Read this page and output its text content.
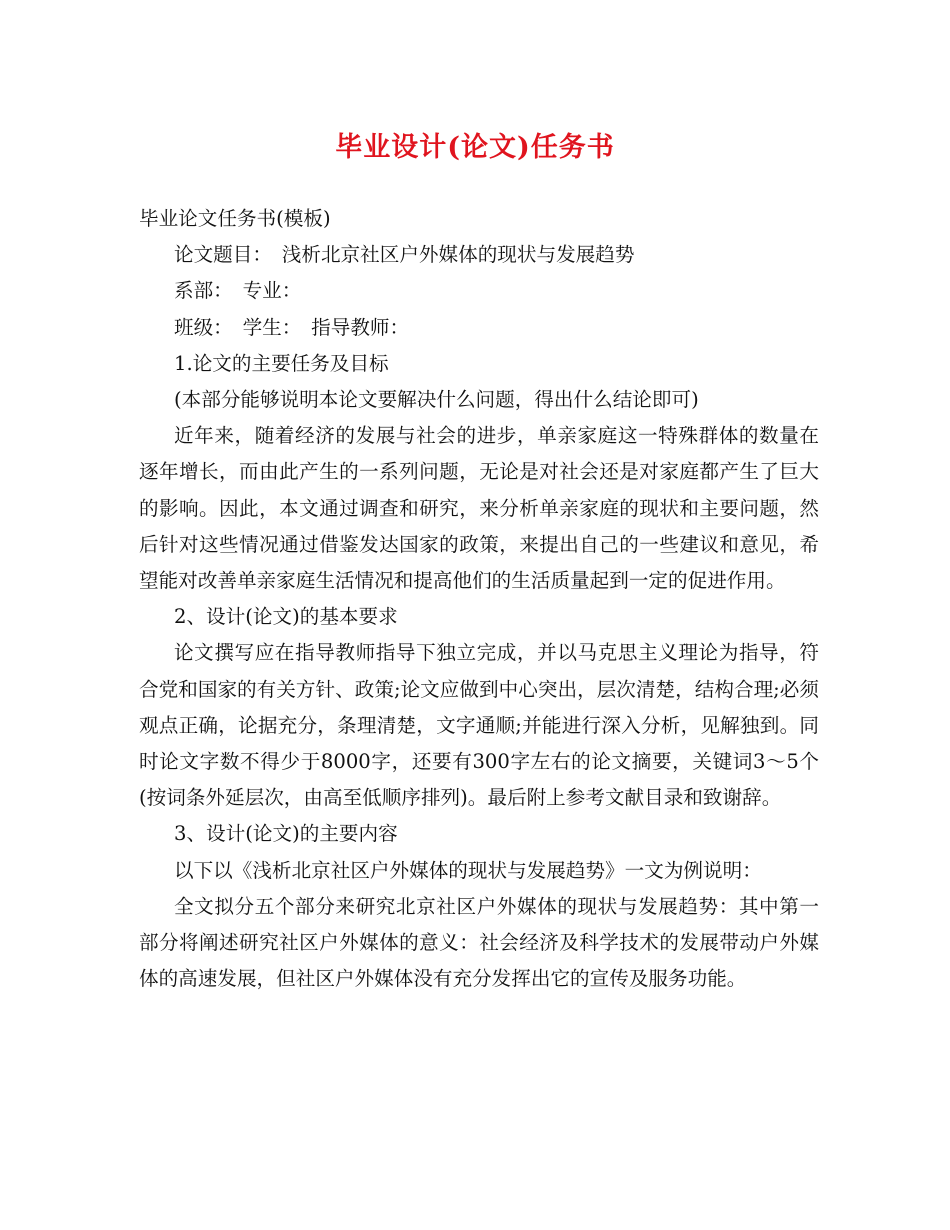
毕业设计(论文)任务书

毕业论文任务书(模板)

论文题目：　浅析北京社区户外媒体的现状与发展趋势

系部：　专业：

班级：　学生：　指导教师：

1.论文的主要任务及目标

(本部分能够说明本论文要解决什么问题，得出什么结论即可)

近年来，随着经济的发展与社会的进步，单亲家庭这一特殊群体的数量在逐年增长，而由此产生的一系列问题，无论是对社会还是对家庭都产生了巨大的影响。因此，本文通过调查和研究，来分析单亲家庭的现状和主要问题，然后针对这些情况通过借鉴发达国家的政策，来提出自己的一些建议和意见，希望能对改善单亲家庭生活情况和提高他们的生活质量起到一定的促进作用。

2、设计(论文)的基本要求

论文撰写应在指导教师指导下独立完成，并以马克思主义理论为指导，符合党和国家的有关方针、政策;论文应做到中心突出，层次清楚，结构合理;必须观点正确，论据充分，条理清楚，文字通顺;并能进行深入分析，见解独到。同时论文字数不得少于8000字，还要有300字左右的论文摘要，关键词3～5个(按词条外延层次，由高至低顺序排列)。最后附上参考文献目录和致谢辞。

3、设计(论文)的主要内容

以下以《浅析北京社区户外媒体的现状与发展趋势》一文为例说明：

全文拟分五个部分来研究北京社区户外媒体的现状与发展趋势：其中第一部分将阐述研究社区户外媒体的意义：社会经济及科学技术的发展带动户外媒体的高速发展，但社区户外媒体没有充分发挥出它的宣传及服务功能。
